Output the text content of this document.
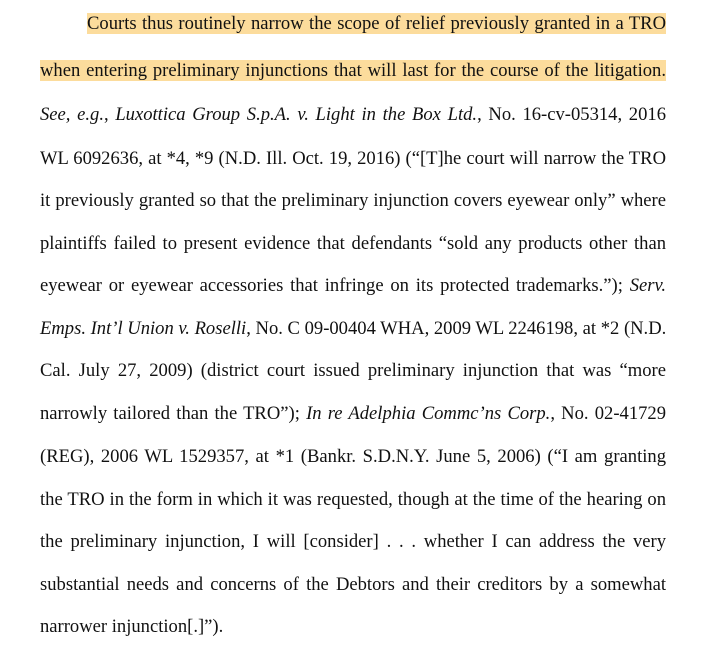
Courts thus routinely narrow the scope of relief previously granted in a TRO
when entering preliminary injunctions that will last for the course of the litigation.
See, e.g., Luxottica Group S.p.A. v. Light in the Box Ltd., No. 16-cv-05314, 2016
WL 6092636, at *4, *9 (N.D. Ill. Oct. 19, 2016) (“[T]he court will narrow the TRO
it previously granted so that the preliminary injunction covers eyewear only” where
plaintiffs failed to present evidence that defendants “sold any products other than
eyewear or eyewear accessories that infringe on its protected trademarks.”); Serv.
Emps. Int’l Union v. Roselli, No. C 09-00404 WHA, 2009 WL 2246198, at *2 (N.D.
Cal. July 27, 2009) (district court issued preliminary injunction that was “more
narrowly tailored than the TRO”); In re Adelphia Commc’ns Corp., No. 02-41729
(REG), 2006 WL 1529357, at *1 (Bankr. S.D.N.Y. June 5, 2006) (“I am granting
the TRO in the form in which it was requested, though at the time of the hearing on
the preliminary injunction, I will [consider] . . . whether I can address the very
substantial needs and concerns of the Debtors and their creditors by a somewhat
narrower injunction[.]”).
